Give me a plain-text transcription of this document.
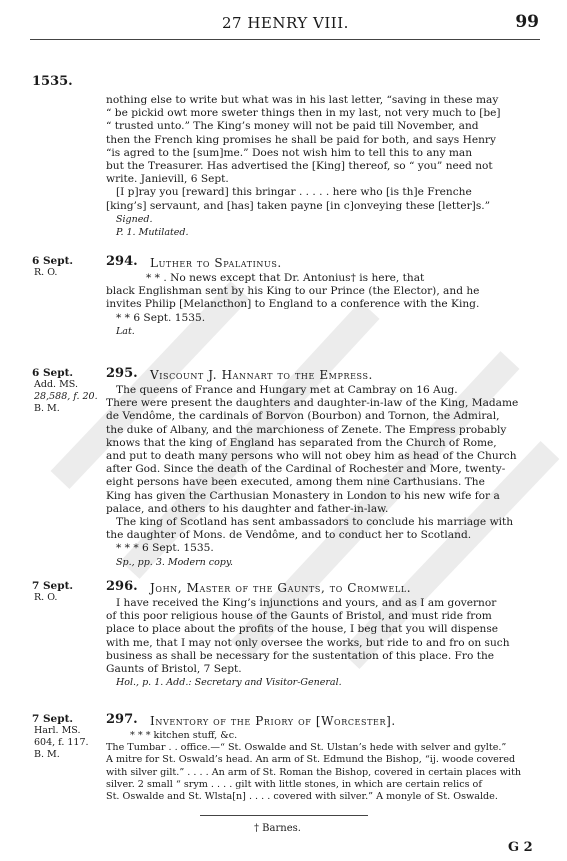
27 HENRY VIII.	99
1535.
nothing else to write but what was in his last letter, “saving in these may
“ be pickid owt more sweter things then in my last, not very much to [be]
“ trusted unto.” The King’s money will not be paid till November, and
then the French king promises he shall be paid for both, and says Henry
“is agred to the [sum]me.” Does not wish him to tell this to any man
but the Treasurer. Has advertised the [King] thereof, so “ you” need not
write. Janievill, 6 Sept.
[I p]ray you [reward] this bringar . . . . . here who [is th]e Frenche
[king’s] servaunt, and [has] taken payne [in c]onveying these [letter]s.”
Signed.
P. 1. Mutilated.
6 Sept.
R. O.
294. Luther to Spalatinus.
* * . No news except that Dr. Antonius† is here, that
black Englishman sent by his King to our Prince (the Elector), and he
invites Philip [Melancthon] to England to a conference with the King.
* * 6 Sept. 1535.
Lat.
6 Sept.
Add. MS.
28,588, f. 20.
B. M.
295. Viscount J. Hannart to the Empress.
The queens of France and Hungary met at Cambray on 16 Aug.
There were present the daughters and daughter-in-law of the King, Madame
de Vendôme, the cardinals of Borvon (Bourbon) and Tornon, the Admiral,
the duke of Albany, and the marchioness of Zenete. The Empress probably
knows that the king of England has separated from the Church of Rome,
and put to death many persons who will not obey him as head of the Church
after God. Since the death of the Cardinal of Rochester and More, twenty-
eight persons have been executed, among them nine Carthusians. The
King has given the Carthusian Monastery in London to his new wife for a
palace, and others to his daughter and father-in-law.
The king of Scotland has sent ambassadors to conclude his marriage with
the daughter of Mons. de Vendôme, and to conduct her to Scotland.
* * * 6 Sept. 1535.
Sp., pp. 3. Modern copy.
7 Sept.
R. O.
296. John, Master of the Gaunts, to Cromwell.
I have received the King’s injunctions and yours, and as I am governor
of this poor religious house of the Gaunts of Bristol, and must ride from
place to place about the profits of the house, I beg that you will dispense
with me, that I may not only oversee the works, but ride to and fro on such
business as shall be necessary for the sustentation of this place. Fro the
Gaunts of Bristol, 7 Sept.
Hol., p. 1. Add.: Secretary and Visitor-General.
7 Sept.
Harl. MS.
604, f. 117.
B. M.
297. Inventory of the Priory of [Worcester].
* * * kitchen stuff, &c.
The Tumbar . . office.—“ St. Oswalde and St. Ulstan’s hede with selver and gylte.”
A mitre for St. Oswald’s head. An arm of St. Edmund the Bishop, “ij. woode covered
with silver gilt.” . . . . An arm of St. Roman the Bishop, covered in certain places with
silver. 2 small “ srym . . . . gilt with little stones, in which are certain relics of
St. Oswalde and St. Wlsta[n] . . . . covered with silver.” A monyle of St. Oswalde.
† Barnes.
G 2
